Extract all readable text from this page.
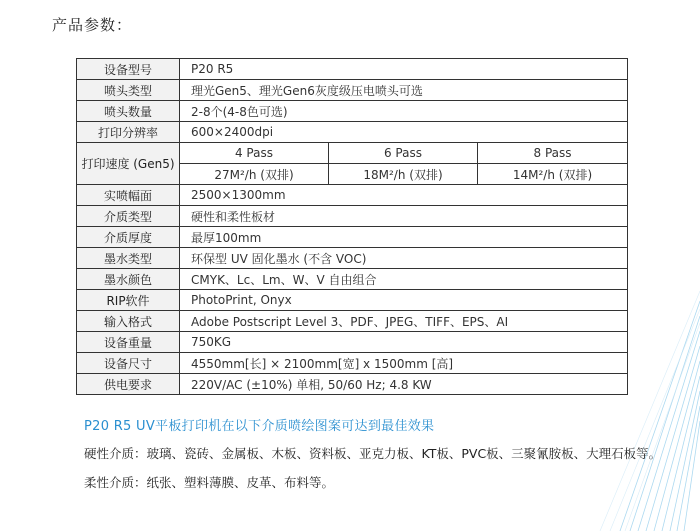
产品参数：
设备型号	P20 R5		
喷头类型	理光Gen5、理光Gen6灰度级压电喷头可选		
喷头数量	2-8个(4-8色可选)		
打印分辨率	600×2400dpi		
打印速度 (Gen5)	4 Pass	6 Pass	8 Pass
	27M²/h (双排)	18M²/h (双排)	14M²/h (双排)
实喷幅面	2500×1300mm		
介质类型	硬性和柔性板材		
介质厚度	最厚100mm		
墨水类型	环保型 UV 固化墨水 (不含 VOC)		
墨水颜色	CMYK、Lc、Lm、W、V 自由组合		
RIP软件	PhotoPrint, Onyx		
输入格式	Adobe Postscript Level 3、PDF、JPEG、TIFF、EPS、AI		
设备重量	750KG		
设备尺寸	4550mm[长] × 2100mm[宽] x 1500mm [高]		
供电要求	220V/AC (±10%) 单相, 50/60 Hz; 4.8 KW		
P20 R5 UV平板打印机在以下介质喷绘图案可达到最佳效果
硬性介质：玻璃、瓷砖、金属板、木板、资料板、亚克力板、KT板、PVC板、三聚氰胺板、大理石板等。
柔性介质：纸张、塑料薄膜、皮革、布料等。
